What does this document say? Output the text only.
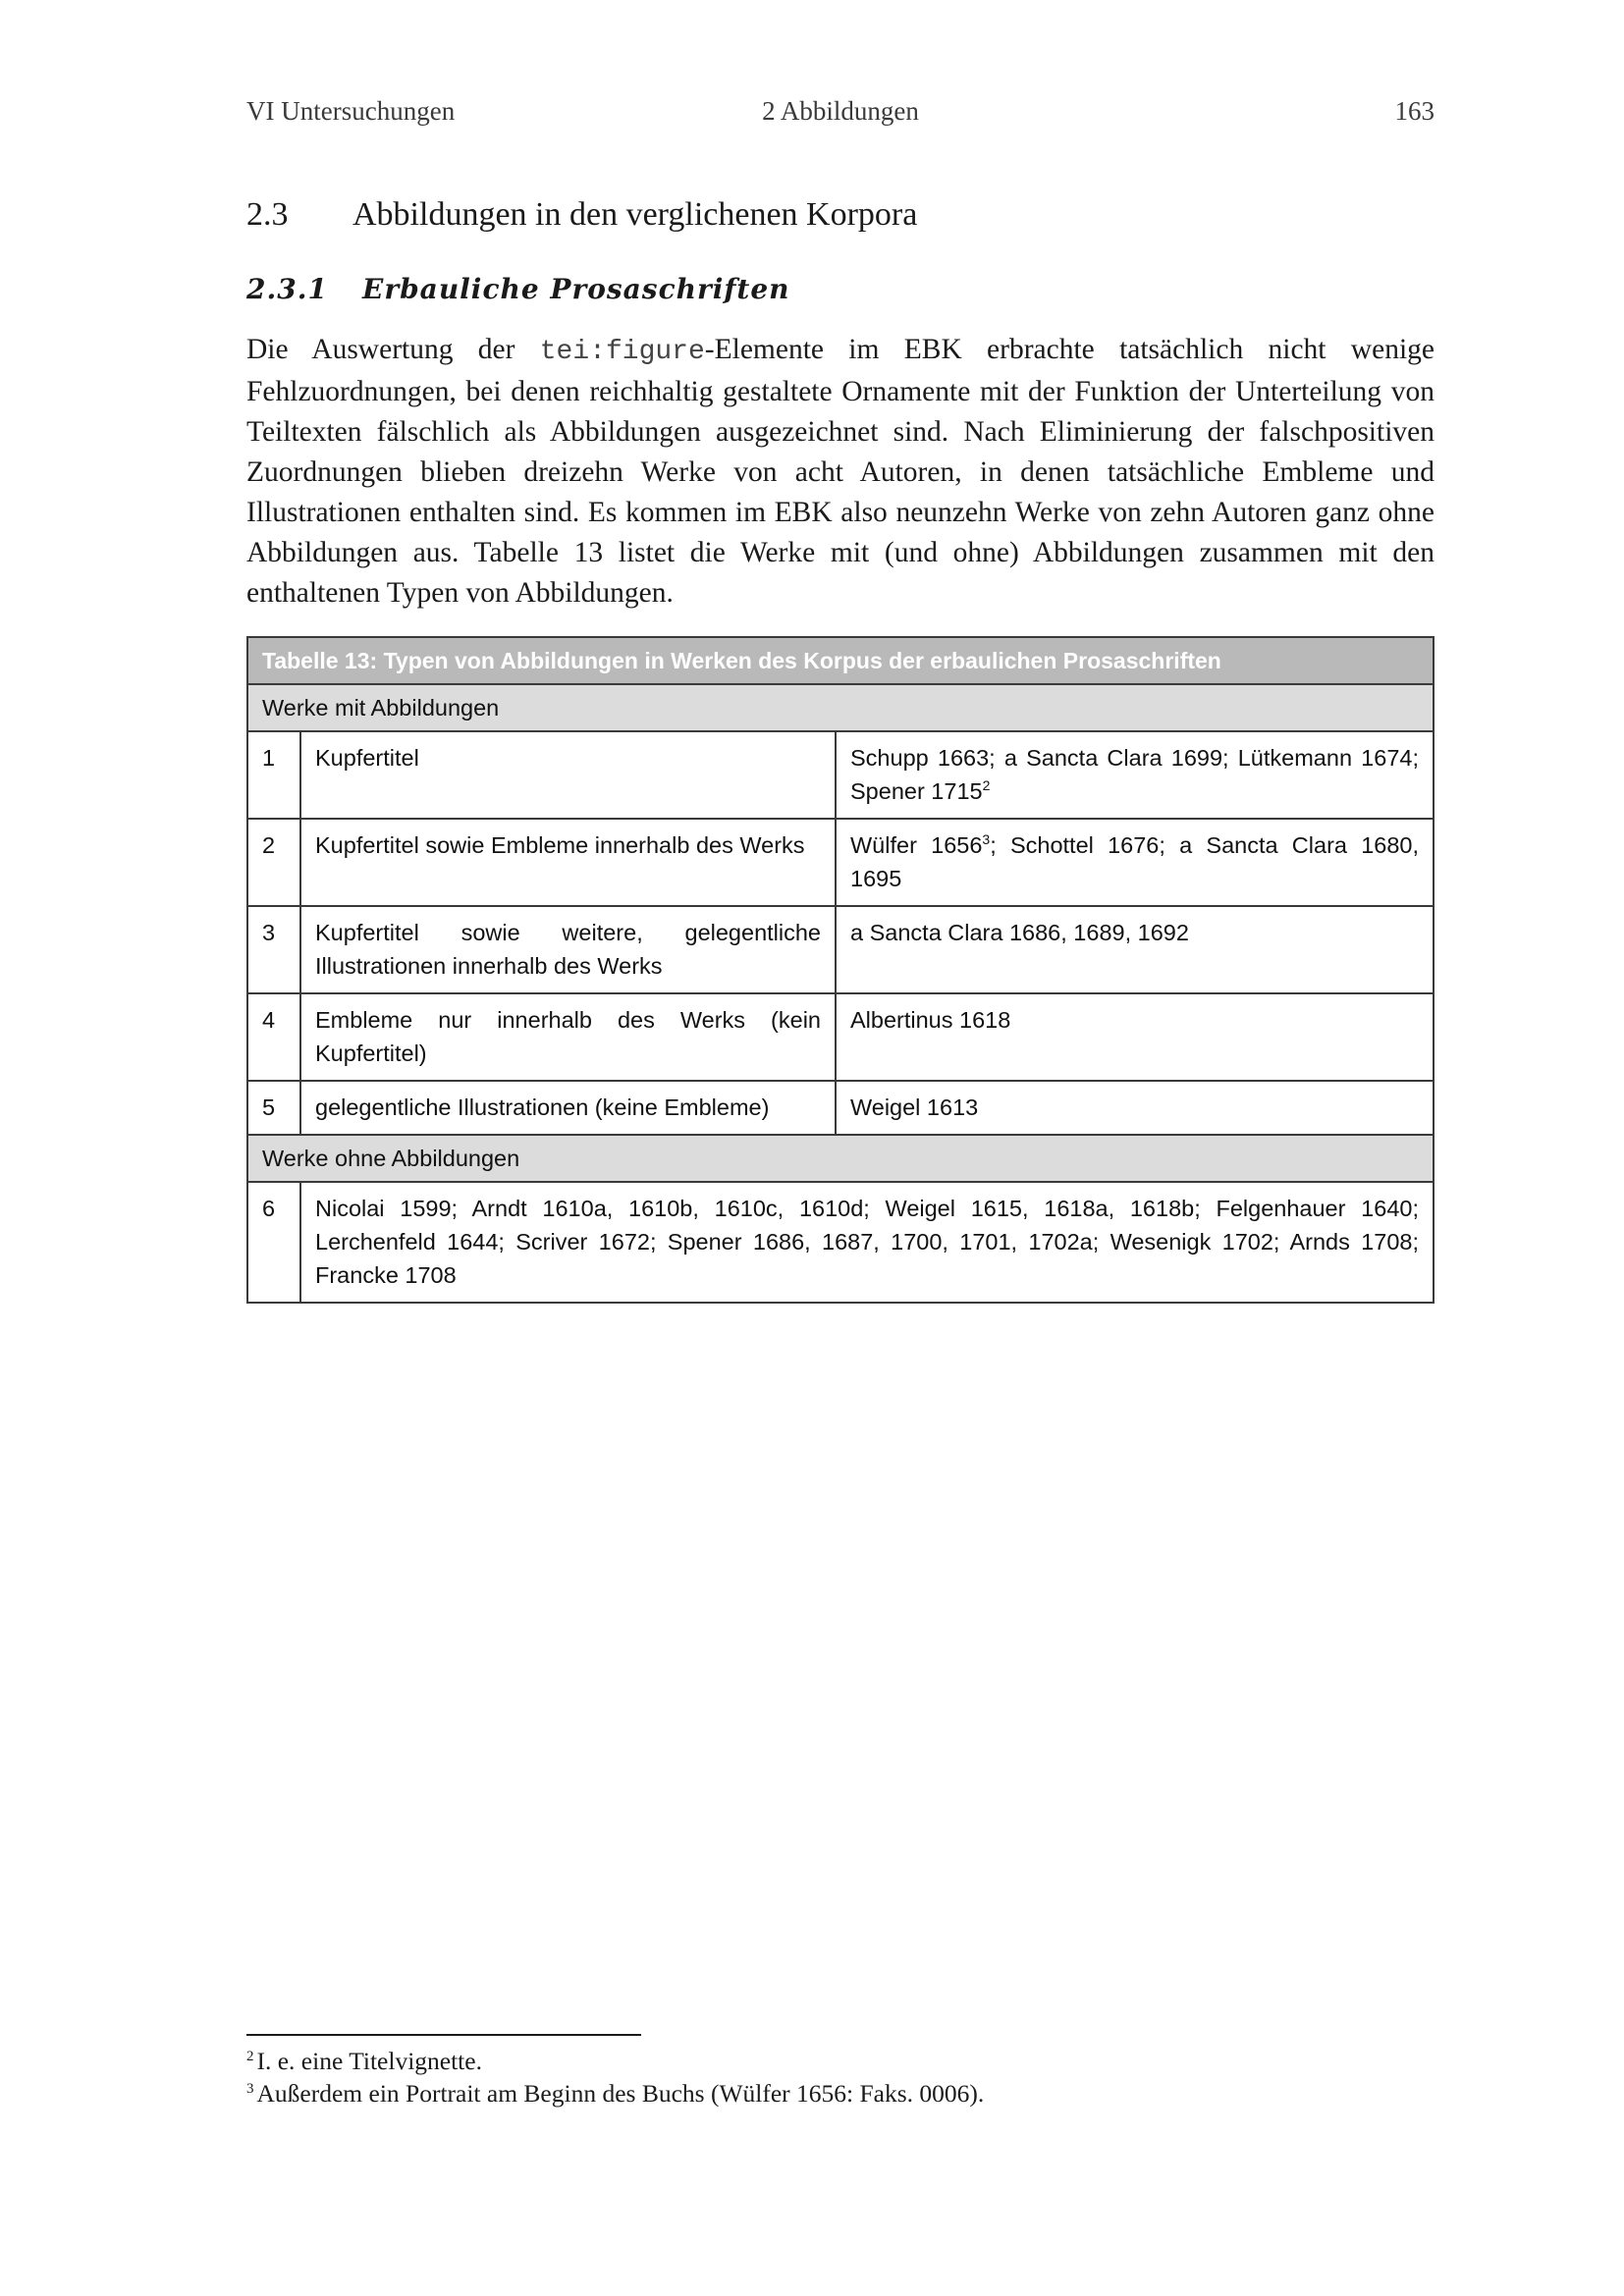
VI Untersuchungen	2 Abbildungen	163
2.3 Abbildungen in den verglichenen Korpora
2.3.1 Erbauliche Prosaschriften

Die Auswertung der tei:figure-Elemente im EBK erbrachte tatsächlich nicht wenige Fehlzuordnungen, bei denen reichhaltig gestaltete Ornamente mit der Funktion der Unterteilung von Teiltexten fälschlich als Abbildungen ausgezeichnet sind. Nach Eliminierung der falschpositiven Zuordnungen blieben dreizehn Werke von acht Autoren, in denen tatsächliche Embleme und Illustrationen enthalten sind. Es kommen im EBK also neunzehn Werke von zehn Autoren ganz ohne Abbildungen aus. Tabelle 13 listet die Werke mit (und ohne) Abbildungen zusammen mit den enthaltenen Typen von Abbildungen.

Tabelle 13: Typen von Abbildungen in Werken des Korpus der erbaulichen Prosaschriften		
Werke mit Abbildungen		
1	Kupfertitel	Schupp 1663; a Sancta Clara 1699; Lütkemann 1674; Spener 1715$^2$
2	Kupfertitel sowie Embleme innerhalb des Werks	Wülfer 1656$^3$; Schottel 1676; a Sancta Clara 1680, 1695
3	Kupfertitel sowie weitere, gelegentliche Illustrationen innerhalb des Werks	a Sancta Clara 1686, 1689, 1692
4	Embleme nur innerhalb des Werks (kein Kupfertitel)	Albertinus 1618
5	gelegentliche Illustrationen (keine Embleme)	Weigel 1613
Werke ohne Abbildungen		
6	Nicolai 1599; Arndt 1610a, 1610b, 1610c, 1610d; Weigel 1615, 1618a, 1618b; Felgenhauer 1640; Lerchenfeld 1644; Scriver 1672; Spener 1686, 1687, 1700, 1701, 1702a; Wesenigk 1702; Arnds 1708; Francke 1708	
$^2$ I. e. eine Titelvignette.
$^3$ Außerdem ein Portrait am Beginn des Buchs (Wülfer 1656: Faks. 0006).
